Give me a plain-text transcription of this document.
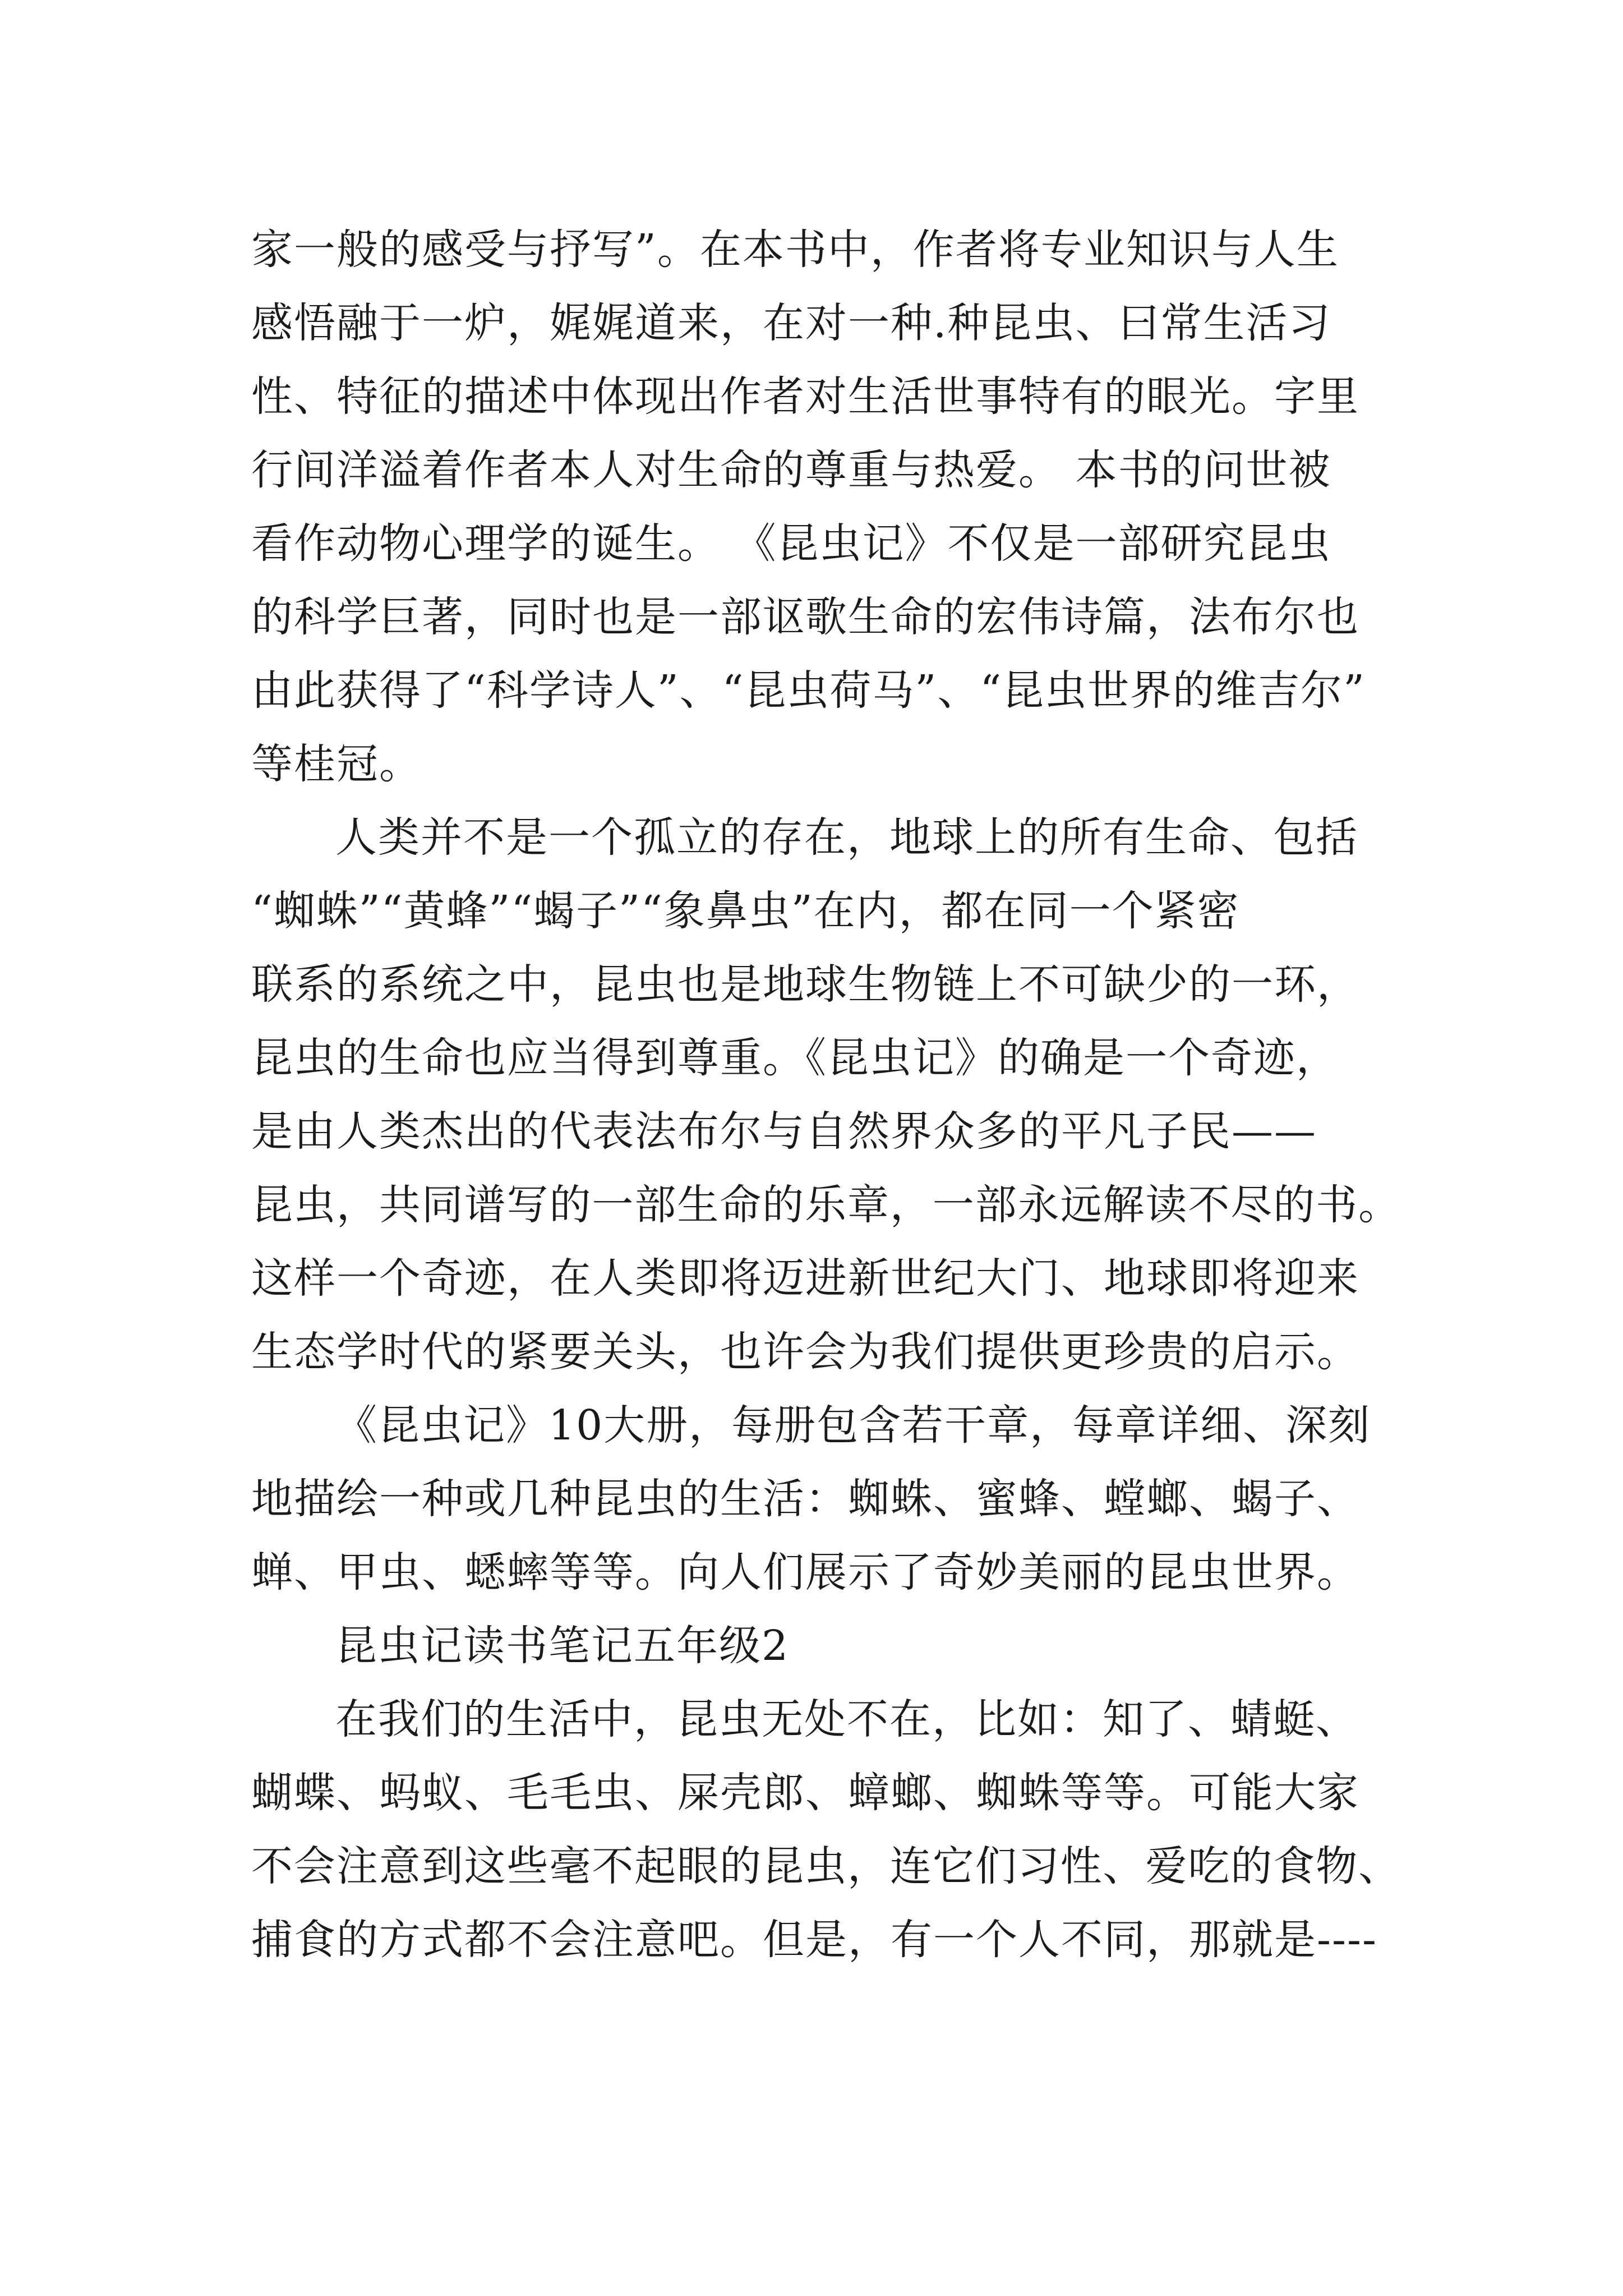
家一般的感受与抒写”。在本书中，作者将专业知识与人生
感悟融于一炉，娓娓道来，在对一种.种昆虫、曰常生活习
性、特征的描述中体现出作者对生活世事特有的眼光。字里
行间洋溢着作者本人对生命的尊重与热爱。 本书的问世被
看作动物心理学的诞生。 《昆虫记》不仅是一部研究昆虫
的科学巨著，同时也是一部讴歌生命的宏伟诗篇，法布尔也
由此获得了“科学诗人”、“昆虫荷马”、“昆虫世界的维吉尔”
等桂冠。
人类并不是一个孤立的存在，地球上的所有生命、包括
“蜘蛛”“黄蜂”“蝎子”“象鼻虫”在内，都在同一个紧密
联系的系统之中，昆虫也是地球生物链上不可缺少的一环，
昆虫的生命也应当得到尊重。《昆虫记》的确是一个奇迹，
是由人类杰出的代表法布尔与自然界众多的平凡子民——
昆虫，共同谱写的一部生命的乐章，一部永远解读不尽的书。
这样一个奇迹，在人类即将迈进新世纪大门、地球即将迎来
生态学时代的紧要关头，也许会为我们提供更珍贵的启示。
《昆虫记》10大册，每册包含若干章，每章详细、深刻
地描绘一种或几种昆虫的生活：蜘蛛、蜜蜂、螳螂、蝎子、
蝉、甲虫、蟋蟀等等。向人们展示了奇妙美丽的昆虫世界。
昆虫记读书笔记五年级2
在我们的生活中，昆虫无处不在，比如：知了、蜻蜓、
蝴蝶、蚂蚁、毛毛虫、屎壳郎、蟑螂、蜘蛛等等。可能大家
不会注意到这些毫不起眼的昆虫，连它们习性、爱吃的食物、
捕食的方式都不会注意吧。但是，有一个人不同，那就是----
